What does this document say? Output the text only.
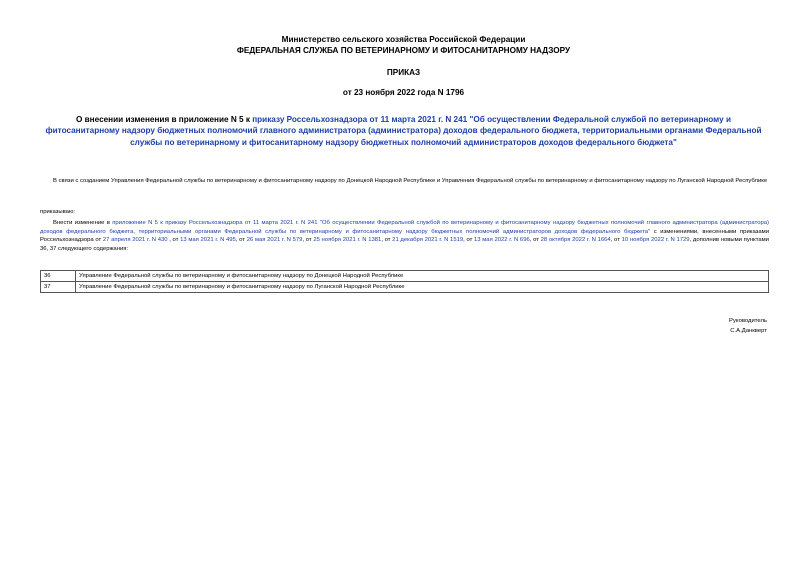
Министерство сельского хозяйства Российской Федерации
ФЕДЕРАЛЬНАЯ СЛУЖБА ПО ВЕТЕРИНАРНОМУ И ФИТОСАНИТАРНОМУ НАДЗОРУ
ПРИКАЗ
от 23 ноября 2022 года N 1796
О внесении изменения в приложение N 5 к приказу Россельхознадзора от 11 марта 2021 г. N 241 "Об осуществлении Федеральной службой по ветеринарному и фитосанитарному надзору бюджетных полномочий главного администратора (администратора) доходов федерального бюджета, территориальными органами Федеральной службы по ветеринарному и фитосанитарному надзору бюджетных полномочий администраторов доходов федерального бюджета"
В связи с созданием Управления Федеральной службы по ветеринарному и фитосанитарному надзору по Донецкой Народной Республике и Управления Федеральной службы по ветеринарному и фитосанитарному надзору по Луганской Народной Республике
приказываю:
Внести изменение в приложение N 5 к приказу Россельхознадзора от 11 марта 2021 г. N 241 "Об осуществлении Федеральной службой по ветеринарному и фитосанитарному надзору бюджетных полномочий главного администратора (администратора) доходов федерального бюджета, территориальными органами Федеральной службы по ветеринарному и фитосанитарному надзору бюджетных полномочий администраторов доходов федерального бюджета" с изменениями, внесенными приказами Россельхознадзора от 27 апреля 2021 г. N 430 , от 13 мая 2021 г. N 495, от 26 мая 2021 г. N 579, от 25 ноября 2021 г. N 1381, от 21 декабря 2021 г. N 1519, от 13 мая 2022 г. N 696, от 28 октября 2022 г. N 1664, от 10 ноября 2022 г. N 1729, дополнив новыми пунктами 36, 37 следующего содержания:
36	Управление Федеральной службы по ветеринарному и фитосанитарному надзору по Донецкой Народной Республике
37	Управление Федеральной службы по ветеринарному и фитосанитарному надзору по Луганской Народной Республике
Руководитель
С.А.Данкверт
